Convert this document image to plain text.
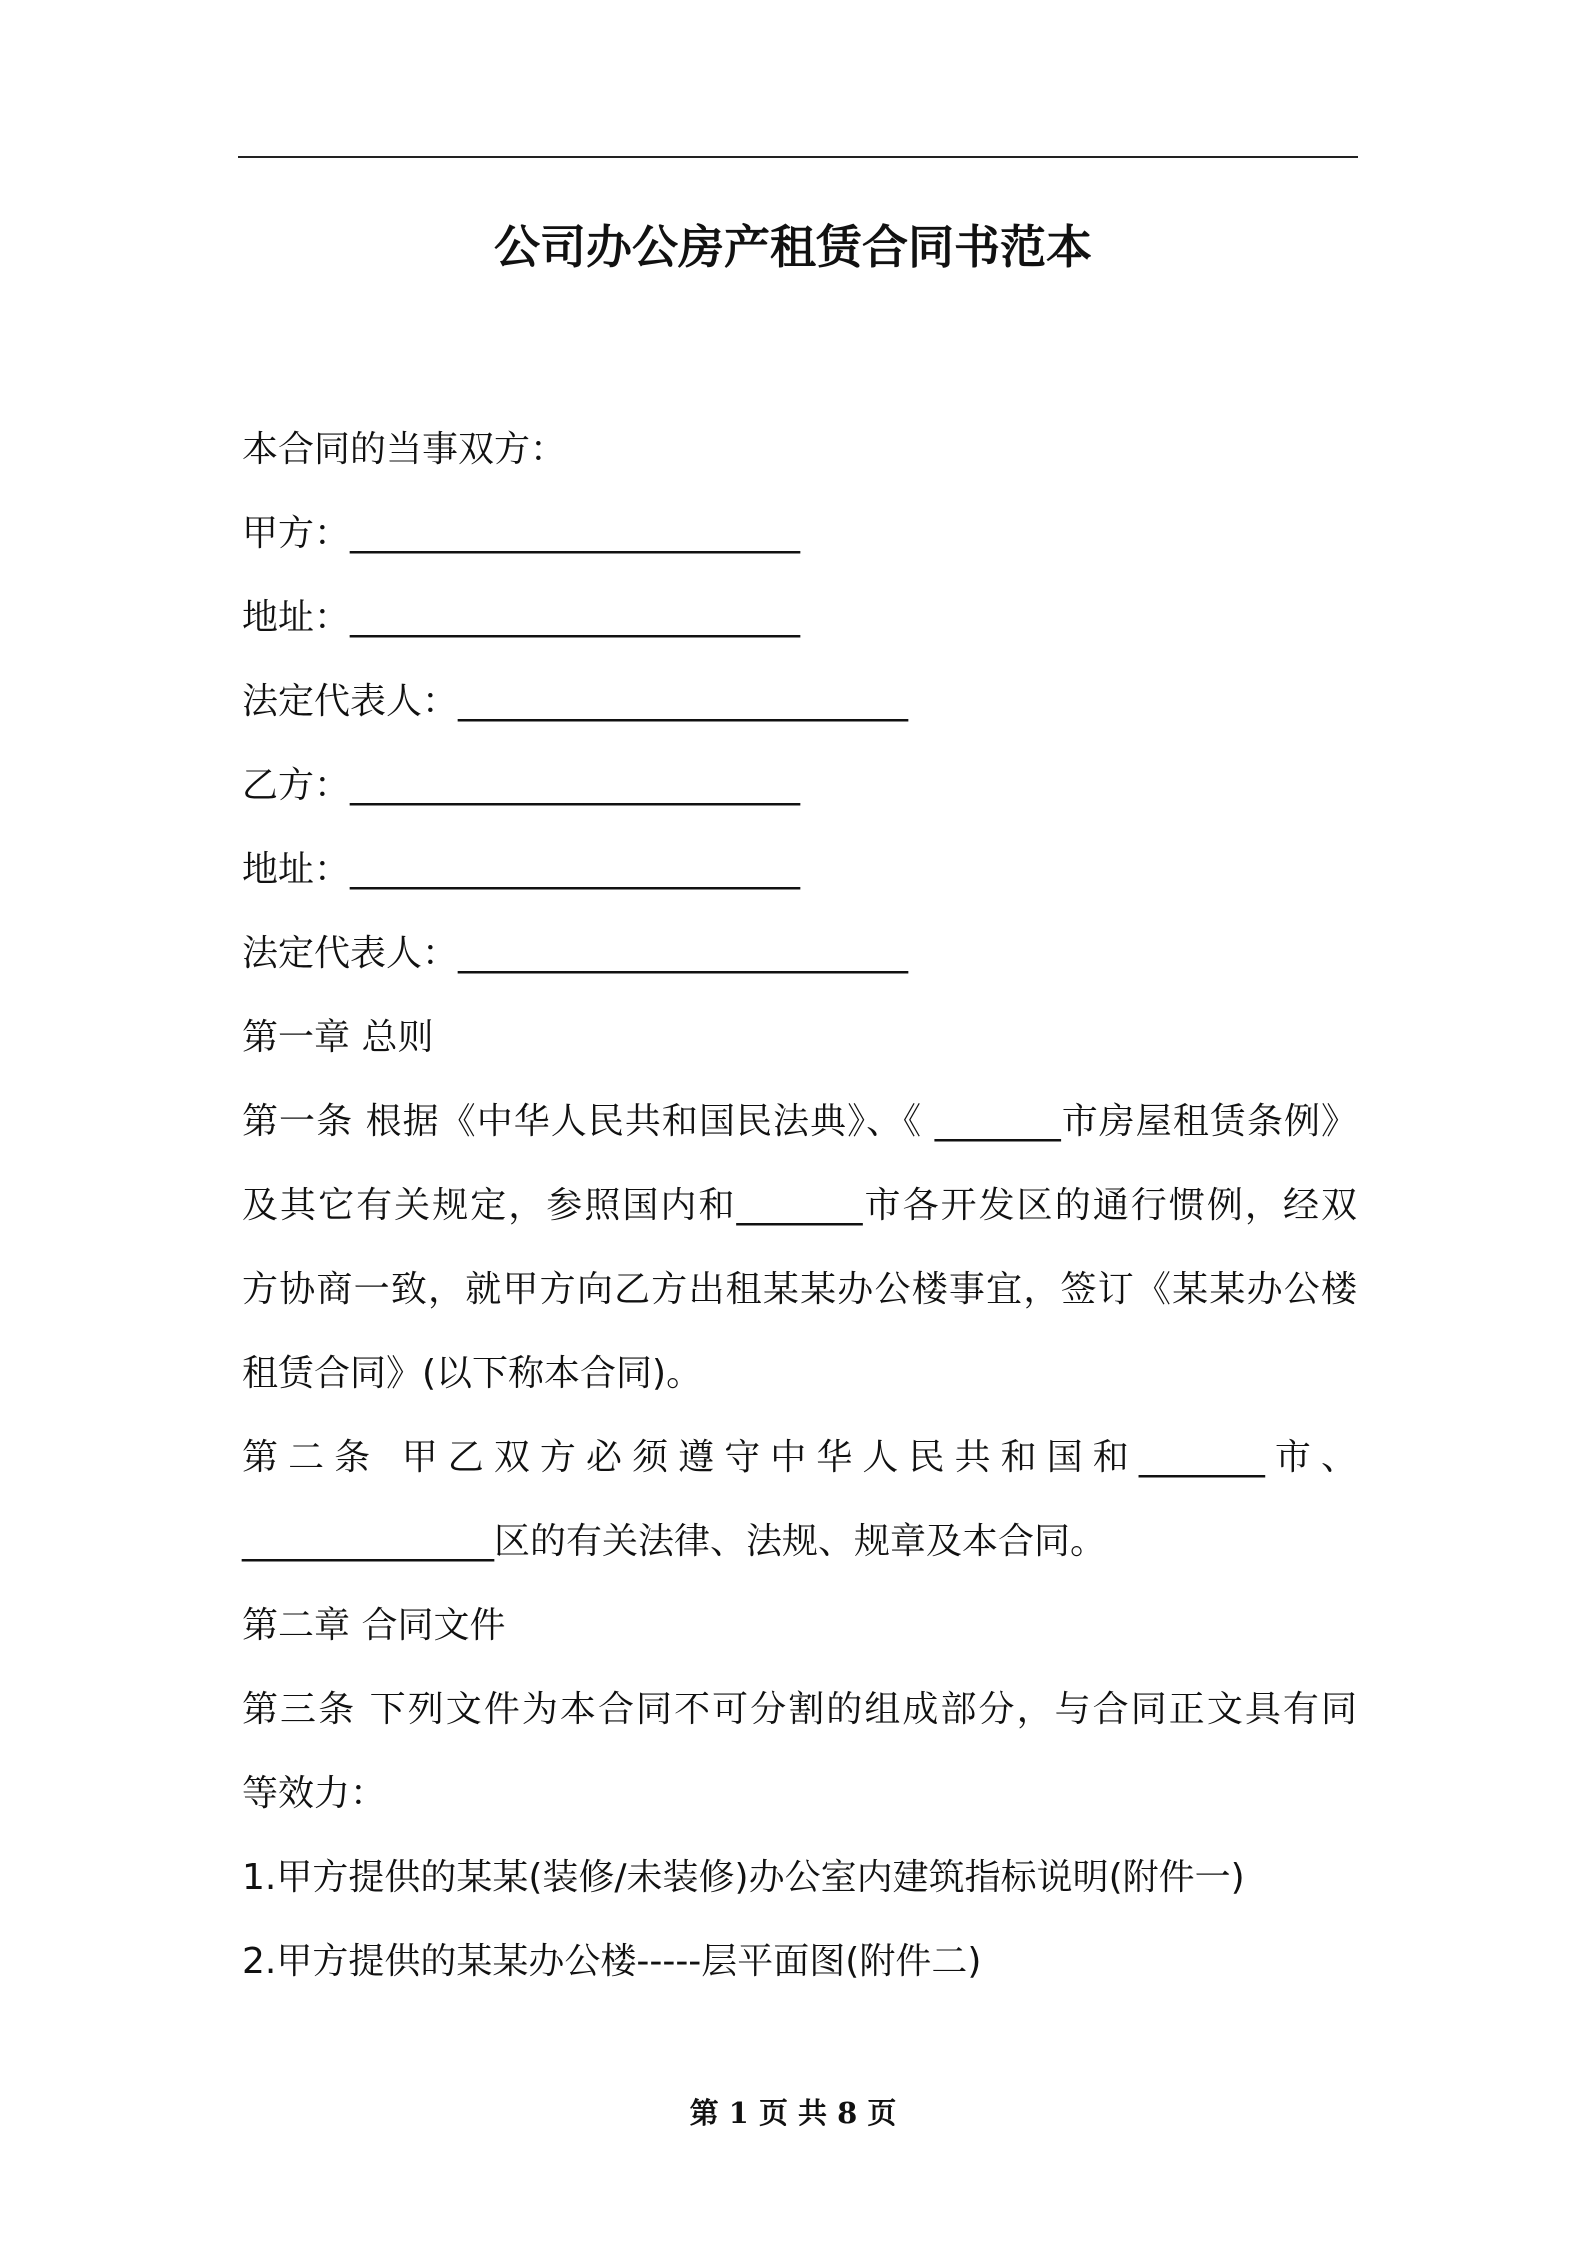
公司办公房产租赁合同书范本
本合同的当事双方：
甲方：_________________________
地址：_________________________
法定代表人：_________________________
乙方：_________________________
地址：_________________________
法定代表人：_________________________
第一章 总则
第一条 根据《中华人民共和国民法典》、《 _______市房屋租赁条例》
及其它有关规定，参照国内和_______市各开发区的通行惯例，经双
方协商一致，就甲方向乙方出租某某办公楼事宜，签订《某某办公楼
租赁合同》(以下称本合同)。
第二条 甲乙双方必须遵守中华人民共和国和_______市、
______________区的有关法律、法规、规章及本合同。
第二章 合同文件
第三条 下列文件为本合同不可分割的组成部分，与合同正文具有同
等效力：
1.甲方提供的某某(装修/未装修)办公室内建筑指标说明(附件一)
2.甲方提供的某某办公楼-----层平面图(附件二)
第 1 页 共 8 页
